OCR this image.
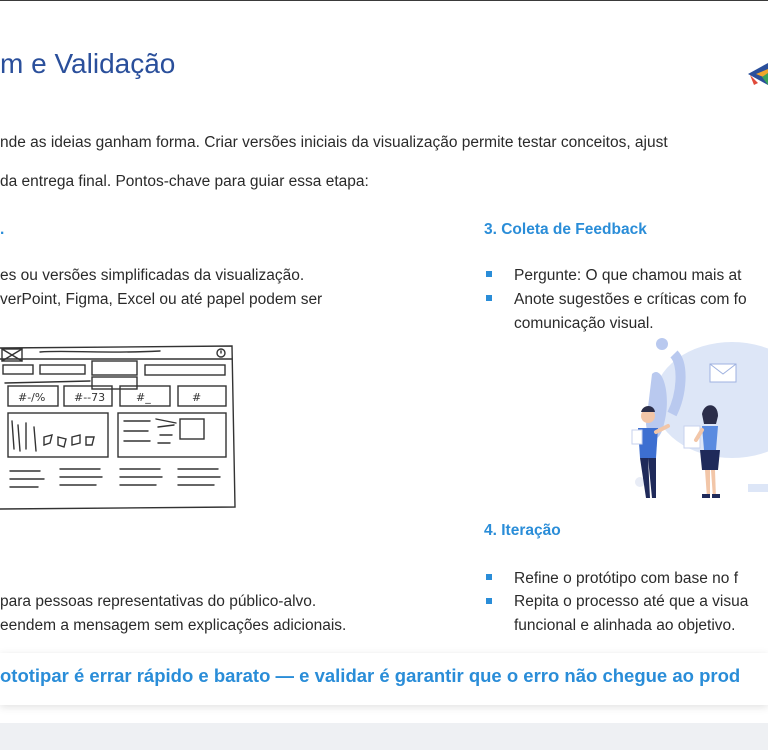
m e Validação
nde as ideias ganham forma. Criar versões iniciais da visualização permite testar conceitos, ajust
da entrega final. Pontos-chave para guiar essa etapa:
.
es ou versões simplificadas da visualização.
verPoint, Figma, Excel ou até papel podem ser
#-/%	#--73	#_	#
para pessoas representativas do público-alvo.
eendem a mensagem sem explicações adicionais.
3. Coleta de Feedback
Pergunte: O que chamou mais at
Anote sugestões e críticas com fo
comunicação visual.
4. Iteração
Refine o protótipo com base no f
Repita o processo até que a visua
funcional e alinhada ao objetivo.
ototipar é errar rápido e barato — e validar é garantir que o erro não chegue ao prod
